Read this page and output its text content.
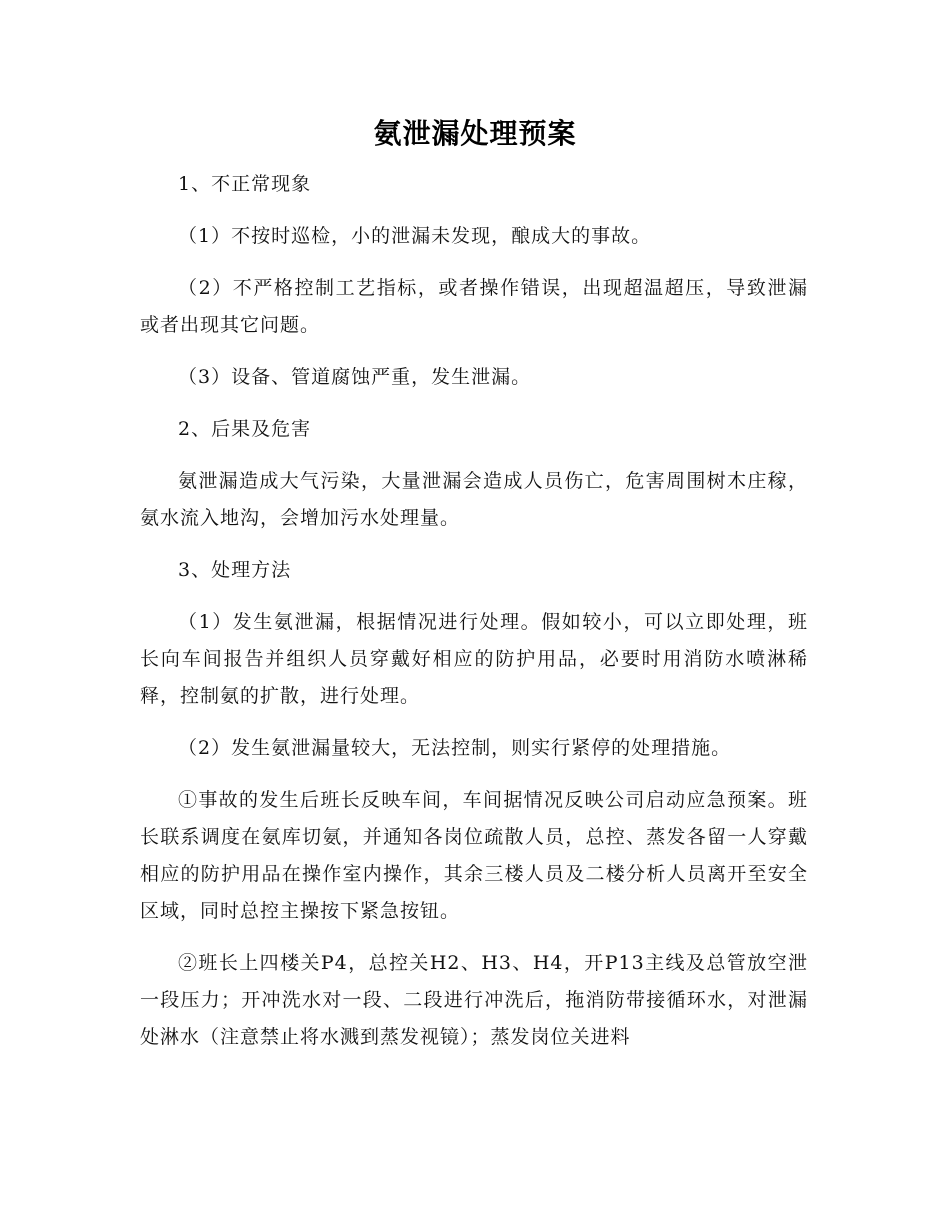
氨泄漏处理预案

1、不正常现象

（1）不按时巡检，小的泄漏未发现，酿成大的事故。

（2）不严格控制工艺指标，或者操作错误，出现超温超压，导致泄漏或者出现其它问题。

（3）设备、管道腐蚀严重，发生泄漏。

2、后果及危害

氨泄漏造成大气污染，大量泄漏会造成人员伤亡，危害周围树木庄稼，氨水流入地沟，会增加污水处理量。

3、处理方法

（1）发生氨泄漏，根据情况进行处理。假如较小，可以立即处理，班长向车间报告并组织人员穿戴好相应的防护用品，必要时用消防水喷淋稀释，控制氨的扩散，进行处理。

（2）发生氨泄漏量较大，无法控制，则实行紧停的处理措施。

①事故的发生后班长反映车间，车间据情况反映公司启动应急预案。班长联系调度在氨库切氨，并通知各岗位疏散人员，总控、蒸发各留一人穿戴相应的防护用品在操作室内操作，其余三楼人员及二楼分析人员离开至安全区域，同时总控主操按下紧急按钮。

②班长上四楼关P4，总控关H2、H3、H4，开P13主线及总管放空泄一段压力；开冲洗水对一段、二段进行冲洗后，拖消防带接循环水，对泄漏处淋水（注意禁止将水溅到蒸发视镜）；蒸发岗位关进料
